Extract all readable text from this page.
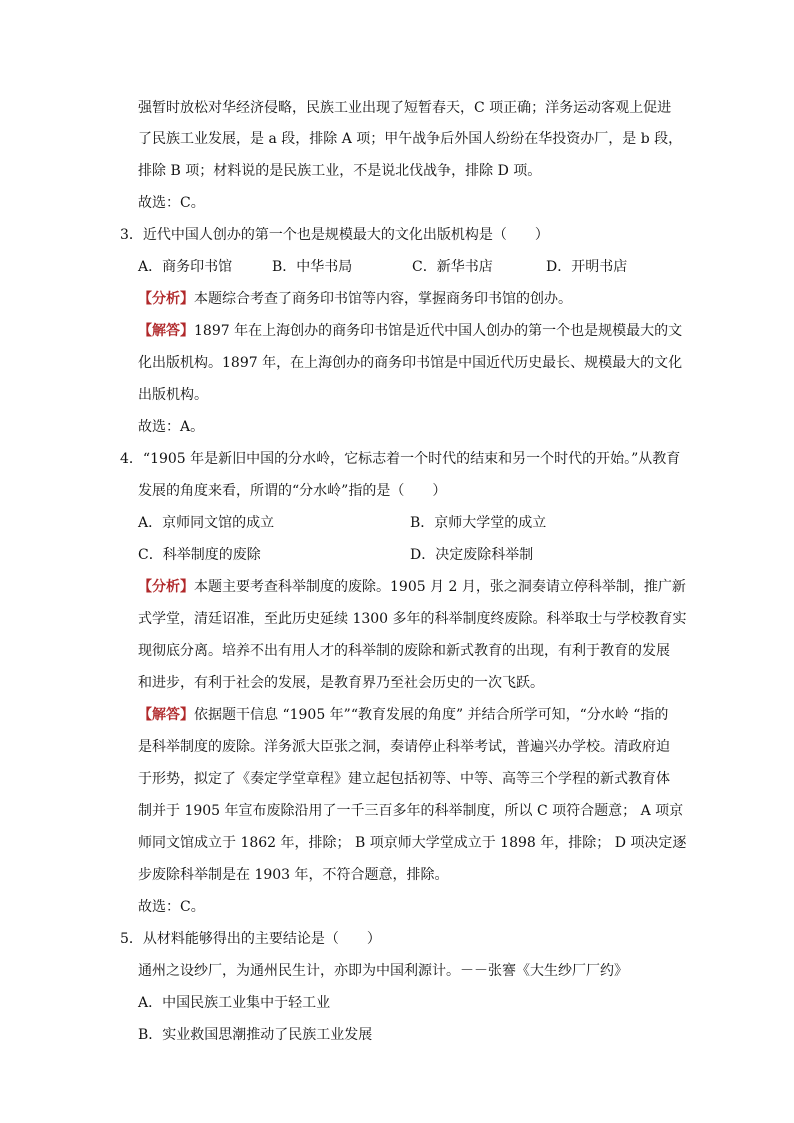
强暂时放松对华经济侵略，民族工业出现了短暂春天，C 项正确；洋务运动客观上促进
了民族工业发展，是 a 段，排除 A 项；甲午战争后外国人纷纷在华投资办厂，是 b 段，
排除 B 项；材料说的是民族工业，不是说北伐战争，排除 D 项。
故选：C。
3．近代中国人创办的第一个也是规模最大的文化出版机构是（　　）
A．商务印书馆	B．中华书局	C．新华书店	D．开明书店
【分析】本题综合考查了商务印书馆等内容，掌握商务印书馆的创办。
【解答】1897 年在上海创办的商务印书馆是近代中国人创办的第一个也是规模最大的文
化出版机构。1897 年，在上海创办的商务印书馆是中国近代历史最长、规模最大的文化
出版机构。
故选：A。
4．“1905 年是新旧中国的分水岭，它标志着一个时代的结束和另一个时代的开始。”从教育
发展的角度来看，所谓的“分水岭”指的是（　　）
A．京师同文馆的成立	B．京师大学堂的成立
C．科举制度的废除	D．决定废除科举制
【分析】本题主要考查科举制度的废除。1905 月 2 月，张之洞奏请立停科举制，推广新
式学堂，清廷诏准，至此历史延续 1300 多年的科举制度终废除。科举取士与学校教育实
现彻底分离。培养不出有用人才的科举制的废除和新式教育的出现，有利于教育的发展
和进步，有利于社会的发展，是教育界乃至社会历史的一次飞跃。
【解答】依据题干信息 “1905 年”“教育发展的角度” 并结合所学可知，“分水岭 “指的
是科举制度的废除。洋务派大臣张之洞，奏请停止科举考试，普遍兴办学校。清政府迫
于形势，拟定了《奏定学堂章程》建立起包括初等、中等、高等三个学程的新式教育体
制并于 1905 年宣布废除沿用了一千三百多年的科举制度，所以 C 项符合题意； A 项京
师同文馆成立于 1862 年，排除； B 项京师大学堂成立于 1898 年，排除； D 项决定逐
步废除科举制是在 1903 年，不符合题意，排除。
故选：C。
5．从材料能够得出的主要结论是（　　）
通州之设纱厂，为通州民生计，亦即为中国利源计。－－张謇《大生纱厂厂约》
A．中国民族工业集中于轻工业
B．实业救国思潮推动了民族工业发展
